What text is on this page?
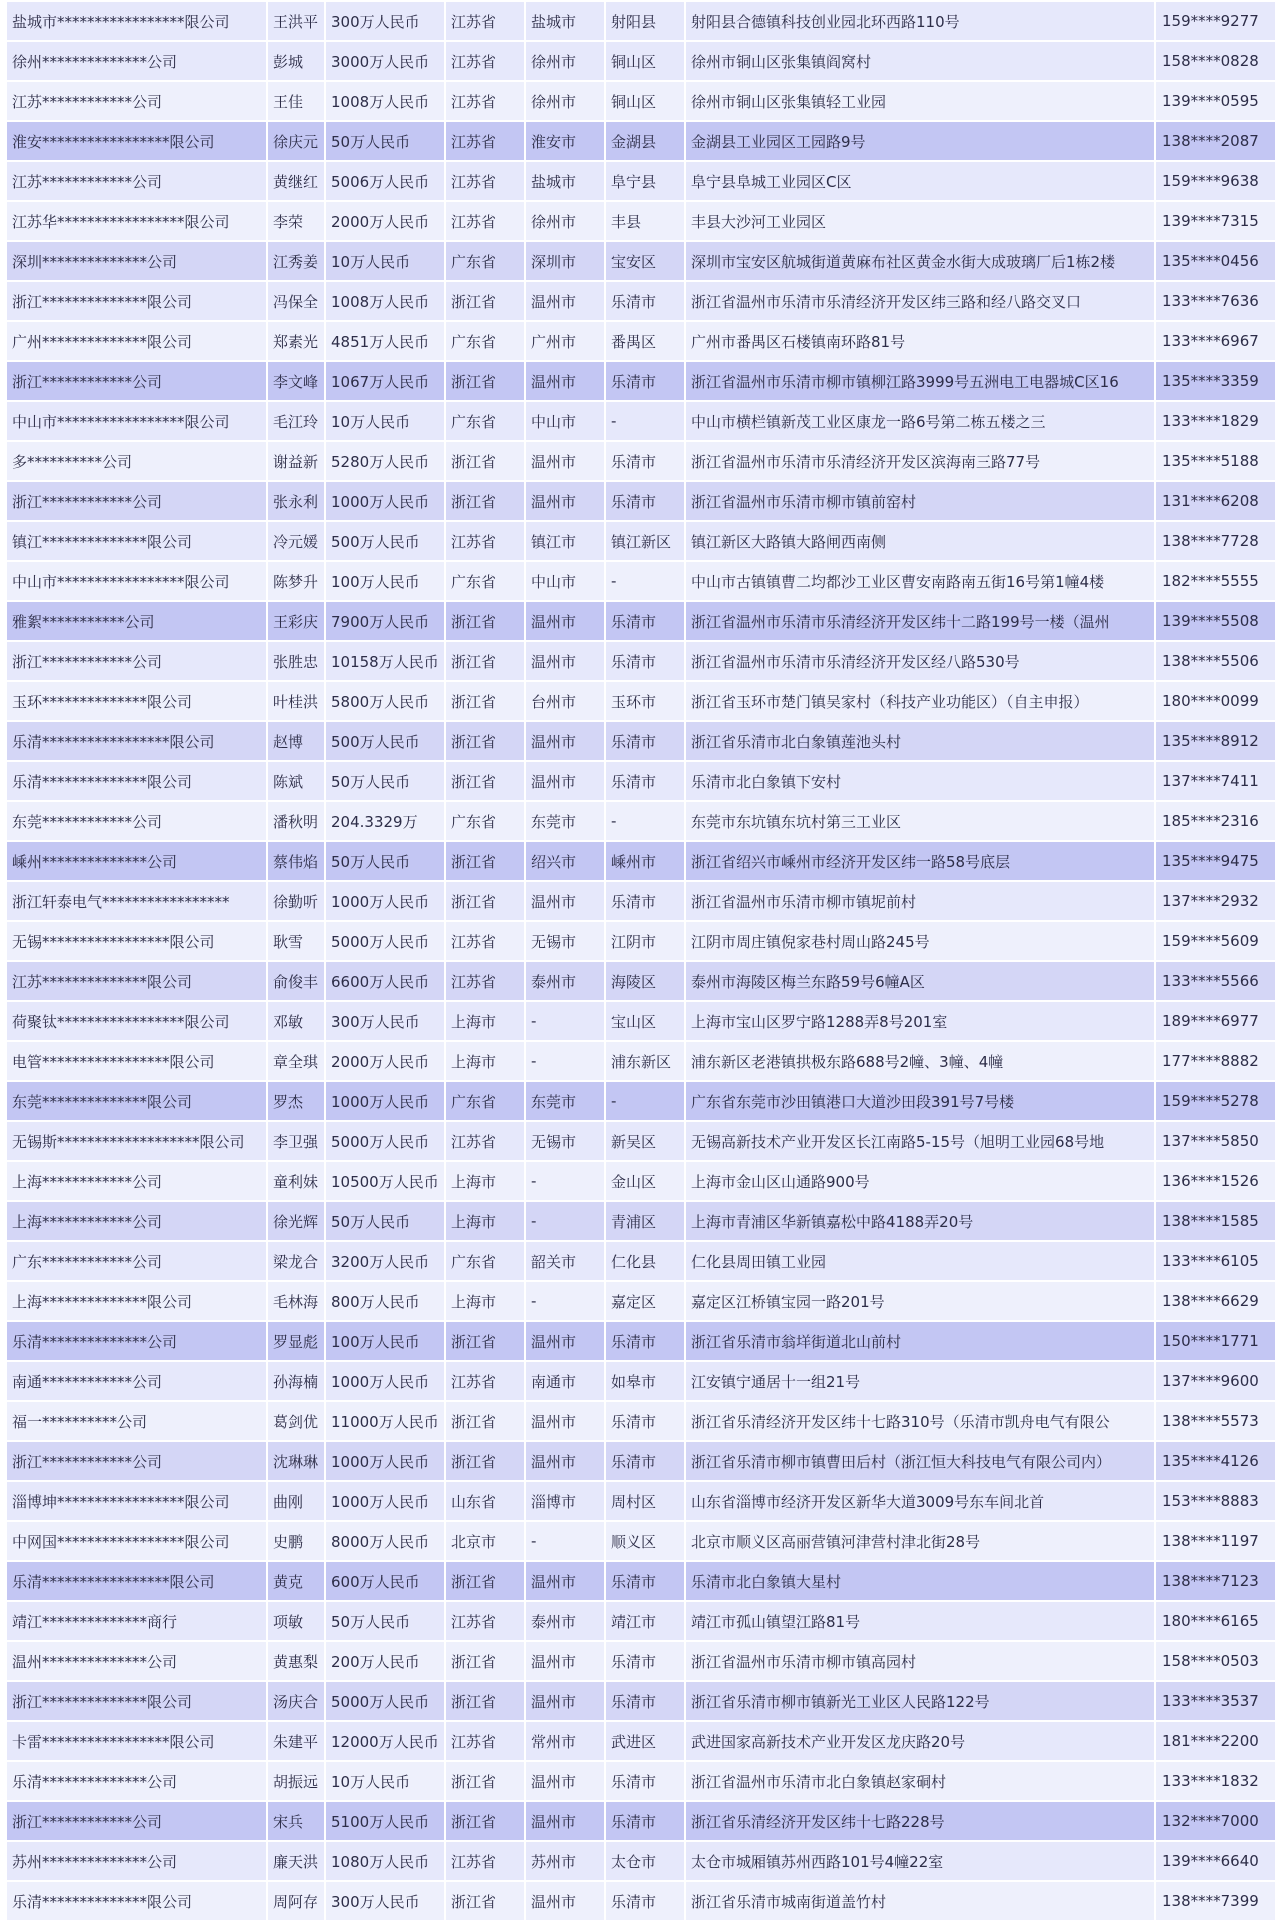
盐城市*****************限公司	王洪平	300万人民币	江苏省	盐城市	射阳县	射阳县合德镇科技创业园北环西路110号	159****9277
徐州**************公司	彭城	3000万人民币	江苏省	徐州市	铜山区	徐州市铜山区张集镇阎窝村	158****0828
江苏************公司	王佳	1008万人民币	江苏省	徐州市	铜山区	徐州市铜山区张集镇轻工业园	139****0595
淮安*****************限公司	徐庆元	50万人民币	江苏省	淮安市	金湖县	金湖县工业园区工园路9号	138****2087
江苏************公司	黄继红	5006万人民币	江苏省	盐城市	阜宁县	阜宁县阜城工业园区C区	159****9638
江苏华*****************限公司	李荣	2000万人民币	江苏省	徐州市	丰县	丰县大沙河工业园区	139****7315
深圳**************公司	江秀姜	10万人民币	广东省	深圳市	宝安区	深圳市宝安区航城街道黄麻布社区黄金水街大成玻璃厂后1栋2楼	135****0456
浙江**************限公司	冯保全	1008万人民币	浙江省	温州市	乐清市	浙江省温州市乐清市乐清经济开发区纬三路和经八路交叉口	133****7636
广州**************限公司	郑素光	4851万人民币	广东省	广州市	番禺区	广州市番禺区石楼镇南环路81号	133****6967
浙江************公司	李文峰	1067万人民币	浙江省	温州市	乐清市	浙江省温州市乐清市柳市镇柳江路3999号五洲电工电器城C区16	135****3359
中山市*****************限公司	毛江玲	10万人民币	广东省	中山市	-	中山市横栏镇新茂工业区康龙一路6号第二栋五楼之三	133****1829
多**********公司	谢益新	5280万人民币	浙江省	温州市	乐清市	浙江省温州市乐清市乐清经济开发区滨海南三路77号	135****5188
浙江************公司	张永利	1000万人民币	浙江省	温州市	乐清市	浙江省温州市乐清市柳市镇前窑村	131****6208
镇江**************限公司	冷元媛	500万人民币	江苏省	镇江市	镇江新区	镇江新区大路镇大路闸西南侧	138****7728
中山市*****************限公司	陈梦升	100万人民币	广东省	中山市	-	中山市古镇镇曹二均都沙工业区曹安南路南五街16号第1幢4楼	182****5555
雅絮***********公司	王彩庆	7900万人民币	浙江省	温州市	乐清市	浙江省温州市乐清市乐清经济开发区纬十二路199号一楼（温州	139****5508
浙江************公司	张胜忠	10158万人民币	浙江省	温州市	乐清市	浙江省温州市乐清市乐清经济开发区经八路530号	138****5506
玉环**************限公司	叶桂洪	5800万人民币	浙江省	台州市	玉环市	浙江省玉环市楚门镇吴家村（科技产业功能区）（自主申报）	180****0099
乐清*****************限公司	赵博	500万人民币	浙江省	温州市	乐清市	浙江省乐清市北白象镇莲池头村	135****8912
乐清**************限公司	陈斌	50万人民币	浙江省	温州市	乐清市	乐清市北白象镇下安村	137****7411
东莞************公司	潘秋明	204.3329万	广东省	东莞市	-	东莞市东坑镇东坑村第三工业区	185****2316
嵊州**************公司	蔡伟焰	50万人民币	浙江省	绍兴市	嵊州市	浙江省绍兴市嵊州市经济开发区纬一路58号底层	135****9475
浙江轩泰电气*****************	徐勤听	1000万人民币	浙江省	温州市	乐清市	浙江省温州市乐清市柳市镇坭前村	137****2932
无锡*****************限公司	耿雪	5000万人民币	江苏省	无锡市	江阴市	江阴市周庄镇倪家巷村周山路245号	159****5609
江苏**************限公司	俞俊丰	6600万人民币	江苏省	泰州市	海陵区	泰州市海陵区梅兰东路59号6幢A区	133****5566
荷聚钛*****************限公司	邓敏	300万人民币	上海市	-	宝山区	上海市宝山区罗宁路1288弄8号201室	189****6977
电管*****************限公司	章全琪	2000万人民币	上海市	-	浦东新区	浦东新区老港镇拱极东路688号2幢、3幢、4幢	177****8882
东莞**************限公司	罗杰	1000万人民币	广东省	东莞市	-	广东省东莞市沙田镇港口大道沙田段391号7号楼	159****5278
无锡斯*******************限公司	李卫强	5000万人民币	江苏省	无锡市	新吴区	无锡高新技术产业开发区长江南路5-15号（旭明工业园68号地	137****5850
上海************公司	童利妹	10500万人民币	上海市	-	金山区	上海市金山区山通路900号	136****1526
上海************公司	徐光辉	50万人民币	上海市	-	青浦区	上海市青浦区华新镇嘉松中路4188弄20号	138****1585
广东************公司	梁龙合	3200万人民币	广东省	韶关市	仁化县	仁化县周田镇工业园	133****6105
上海**************限公司	毛林海	800万人民币	上海市	-	嘉定区	嘉定区江桥镇宝园一路201号	138****6629
乐清**************公司	罗显彪	100万人民币	浙江省	温州市	乐清市	浙江省乐清市翁垟街道北山前村	150****1771
南通************公司	孙海楠	1000万人民币	江苏省	南通市	如皋市	江安镇宁通居十一组21号	137****9600
福一**********公司	葛剑优	11000万人民币	浙江省	温州市	乐清市	浙江省乐清经济开发区纬十七路310号（乐清市凯舟电气有限公	138****5573
浙江************公司	沈琳琳	1000万人民币	浙江省	温州市	乐清市	浙江省乐清市柳市镇曹田后村（浙江恒大科技电气有限公司内）	135****4126
淄博坤*****************限公司	曲刚	1000万人民币	山东省	淄博市	周村区	山东省淄博市经济开发区新华大道3009号东车间北首	153****8883
中网国*****************限公司	史鹏	8000万人民币	北京市	-	顺义区	北京市顺义区高丽营镇河津营村津北街28号	138****1197
乐清*****************限公司	黄克	600万人民币	浙江省	温州市	乐清市	乐清市北白象镇大星村	138****7123
靖江**************商行	项敏	50万人民币	江苏省	泰州市	靖江市	靖江市孤山镇望江路81号	180****6165
温州**************公司	黄惠梨	200万人民币	浙江省	温州市	乐清市	浙江省温州市乐清市柳市镇高园村	158****0503
浙江**************限公司	汤庆合	5000万人民币	浙江省	温州市	乐清市	浙江省乐清市柳市镇新光工业区人民路122号	133****3537
卡雷*****************限公司	朱建平	12000万人民币	江苏省	常州市	武进区	武进国家高新技术产业开发区龙庆路20号	181****2200
乐清**************公司	胡振远	10万人民币	浙江省	温州市	乐清市	浙江省温州市乐清市北白象镇赵家硐村	133****1832
浙江************公司	宋兵	5100万人民币	浙江省	温州市	乐清市	浙江省乐清经济开发区纬十七路228号	132****7000
苏州**************公司	廉天洪	1080万人民币	江苏省	苏州市	太仓市	太仓市城厢镇苏州西路101号4幢22室	139****6640
乐清**************限公司	周阿存	300万人民币	浙江省	温州市	乐清市	浙江省乐清市城南街道盖竹村	138****7399
